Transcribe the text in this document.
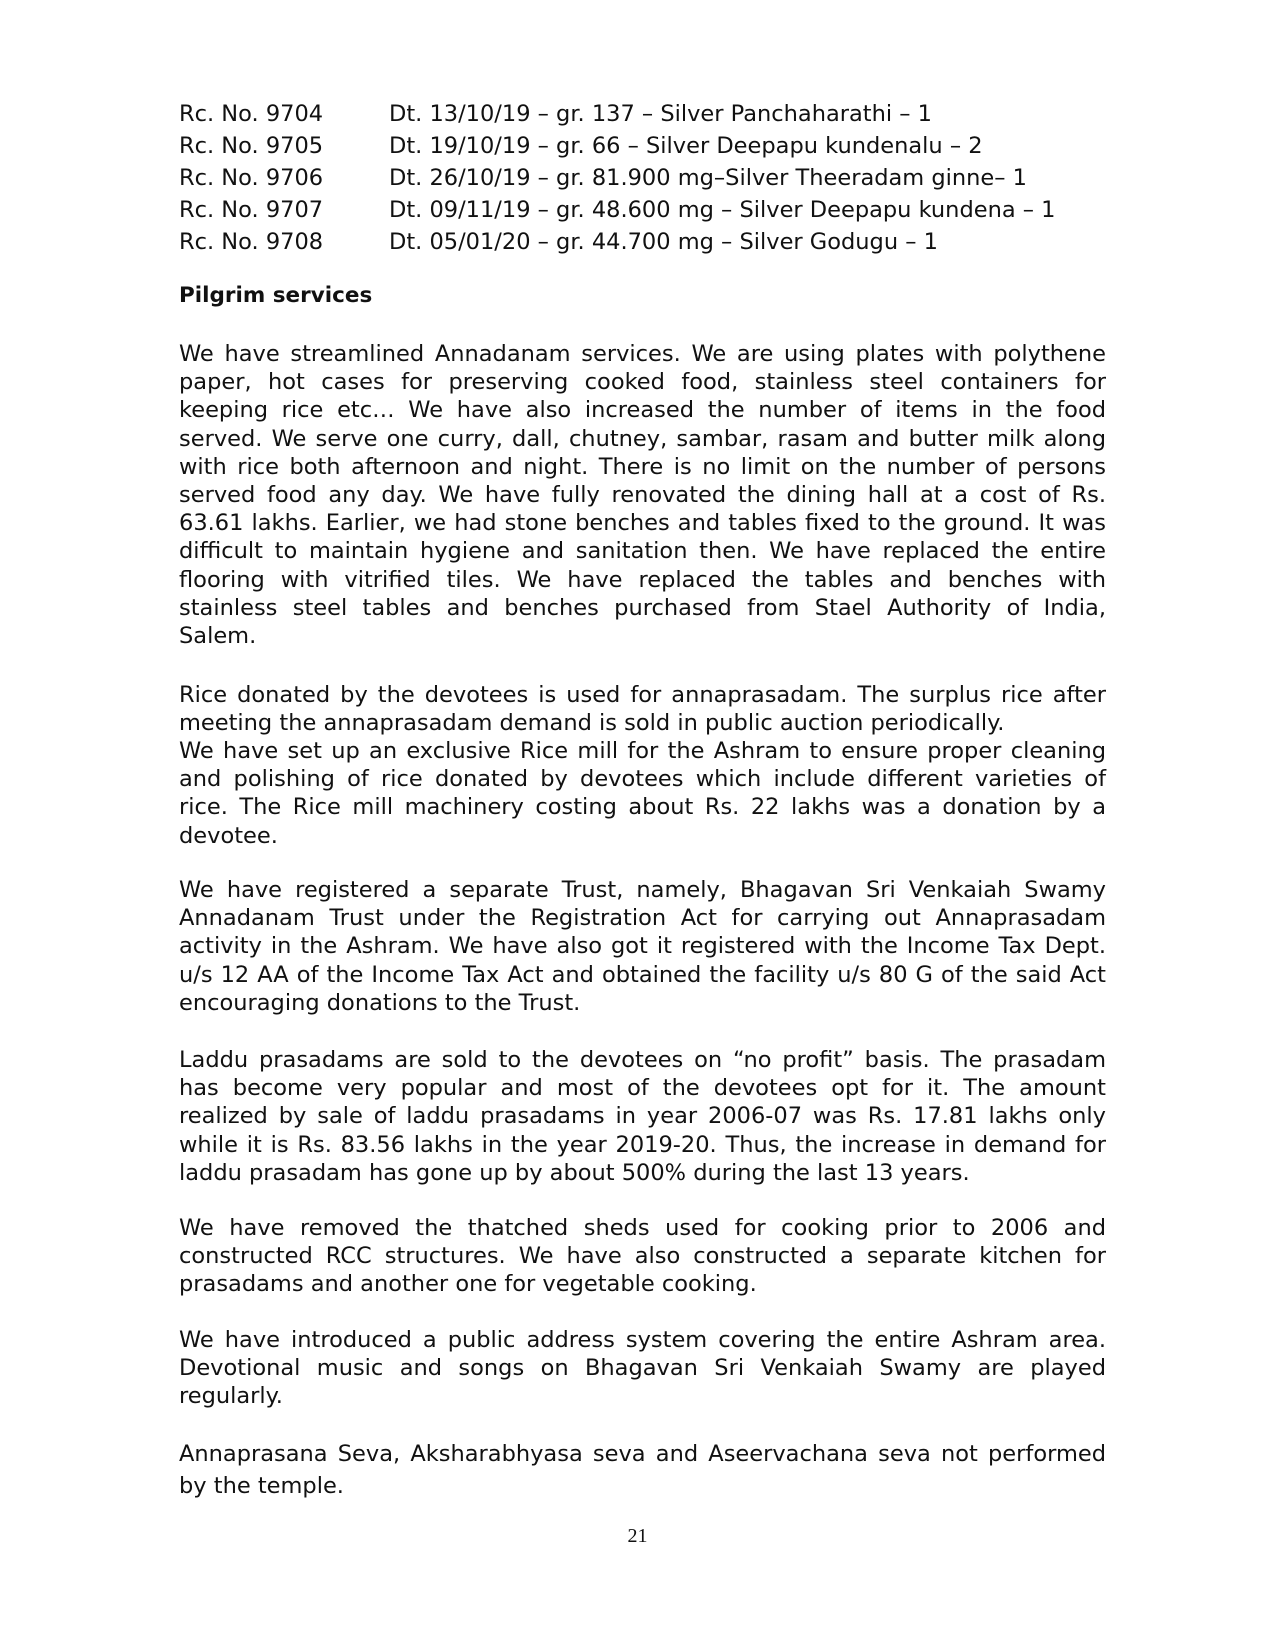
Rc. No. 9704	Dt. 13/10/19 – gr. 137 – Silver Panchaharathi – 1
Rc. No. 9705	Dt. 19/10/19 – gr. 66 – Silver Deepapu kundenalu – 2
Rc. No. 9706	Dt. 26/10/19 – gr. 81.900 mg–Silver Theeradam ginne– 1
Rc. No. 9707	Dt. 09/11/19 – gr. 48.600 mg – Silver Deepapu kundena – 1
Rc. No. 9708	Dt. 05/01/20 – gr. 44.700 mg – Silver Godugu – 1
Pilgrim services

We have streamlined Annadanam services. We are using plates with polythene paper, hot cases for preserving cooked food, stainless steel containers for keeping rice etc… We have also increased the number of items in the food served. We serve one curry, dall, chutney, sambar, rasam and butter milk along with rice both afternoon and night. There is no limit on the number of persons served food any day. We have fully renovated the dining hall at a cost of Rs. 63.61 lakhs. Earlier, we had stone benches and tables fixed to the ground. It was difficult to maintain hygiene and sanitation then. We have replaced the entire flooring with vitrified tiles. We have replaced the tables and benches with stainless steel tables and benches purchased from Stael Authority of India, Salem.

Rice donated by the devotees is used for annaprasadam. The surplus rice after meeting the annaprasadam demand is sold in public auction periodically.

We have set up an exclusive Rice mill for the Ashram to ensure proper cleaning and polishing of rice donated by devotees which include different varieties of rice. The Rice mill machinery costing about Rs. 22 lakhs was a donation by a devotee.

We have registered a separate Trust, namely, Bhagavan Sri Venkaiah Swamy Annadanam Trust under the Registration Act for carrying out Annaprasadam activity in the Ashram. We have also got it registered with the Income Tax Dept. u/s 12 AA of the Income Tax Act and obtained the facility u/s 80 G of the said Act encouraging donations to the Trust.

Laddu prasadams are sold to the devotees on “no profit” basis. The prasadam has become very popular and most of the devotees opt for it. The amount realized by sale of laddu prasadams in year 2006-07 was Rs. 17.81 lakhs only while it is Rs. 83.56 lakhs in the year 2019-20. Thus, the increase in demand for laddu prasadam has gone up by about 500% during the last 13 years.

We have removed the thatched sheds used for cooking prior to 2006 and constructed RCC structures. We have also constructed a separate kitchen for prasadams and another one for vegetable cooking.

We have introduced a public address system covering the entire Ashram area. Devotional music and songs on Bhagavan Sri Venkaiah Swamy are played regularly.

Annaprasana Seva, Aksharabhyasa seva and Aseervachana seva not performed by the temple.

21
